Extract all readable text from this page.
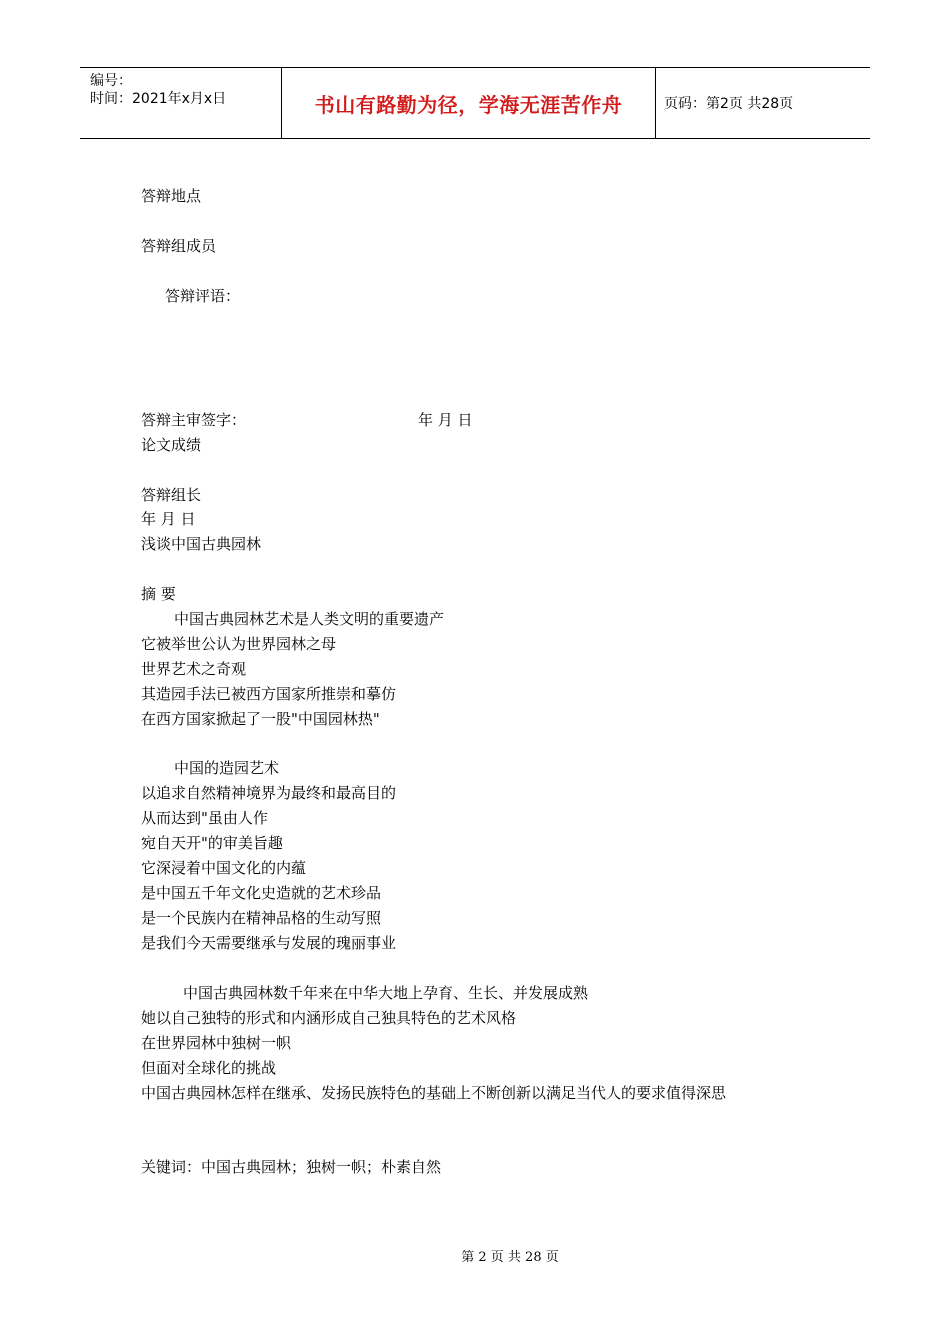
编号：
时间：2021年x月x日	书山有路勤为径，学海无涯苦作舟	页码：第2页 共28页
答辩地点
答辩组成员
答辩评语：
答辩主审签字：	年 月 日
论文成绩
答辩组长
年 月 日
浅谈中国古典园林
摘 要
中国古典园林艺术是人类文明的重要遗产
它被举世公认为世界园林之母
世界艺术之奇观
其造园手法已被西方国家所推崇和摹仿
在西方国家掀起了一股"中国园林热"
中国的造园艺术
以追求自然精神境界为最终和最高目的
从而达到"虽由人作
宛自天开"的审美旨趣
它深浸着中国文化的内蕴
是中国五千年文化史造就的艺术珍品
是一个民族内在精神品格的生动写照
是我们今天需要继承与发展的瑰丽事业
中国古典园林数千年来在中华大地上孕育、生长、并发展成熟
她以自己独特的形式和内涵形成自己独具特色的艺术风格
在世界园林中独树一帜
但面对全球化的挑战
中国古典园林怎样在继承、发扬民族特色的基础上不断创新以满足当代人的要求值得深思
关键词：中国古典园林；独树一帜；朴素自然
第 2 页 共 28 页
